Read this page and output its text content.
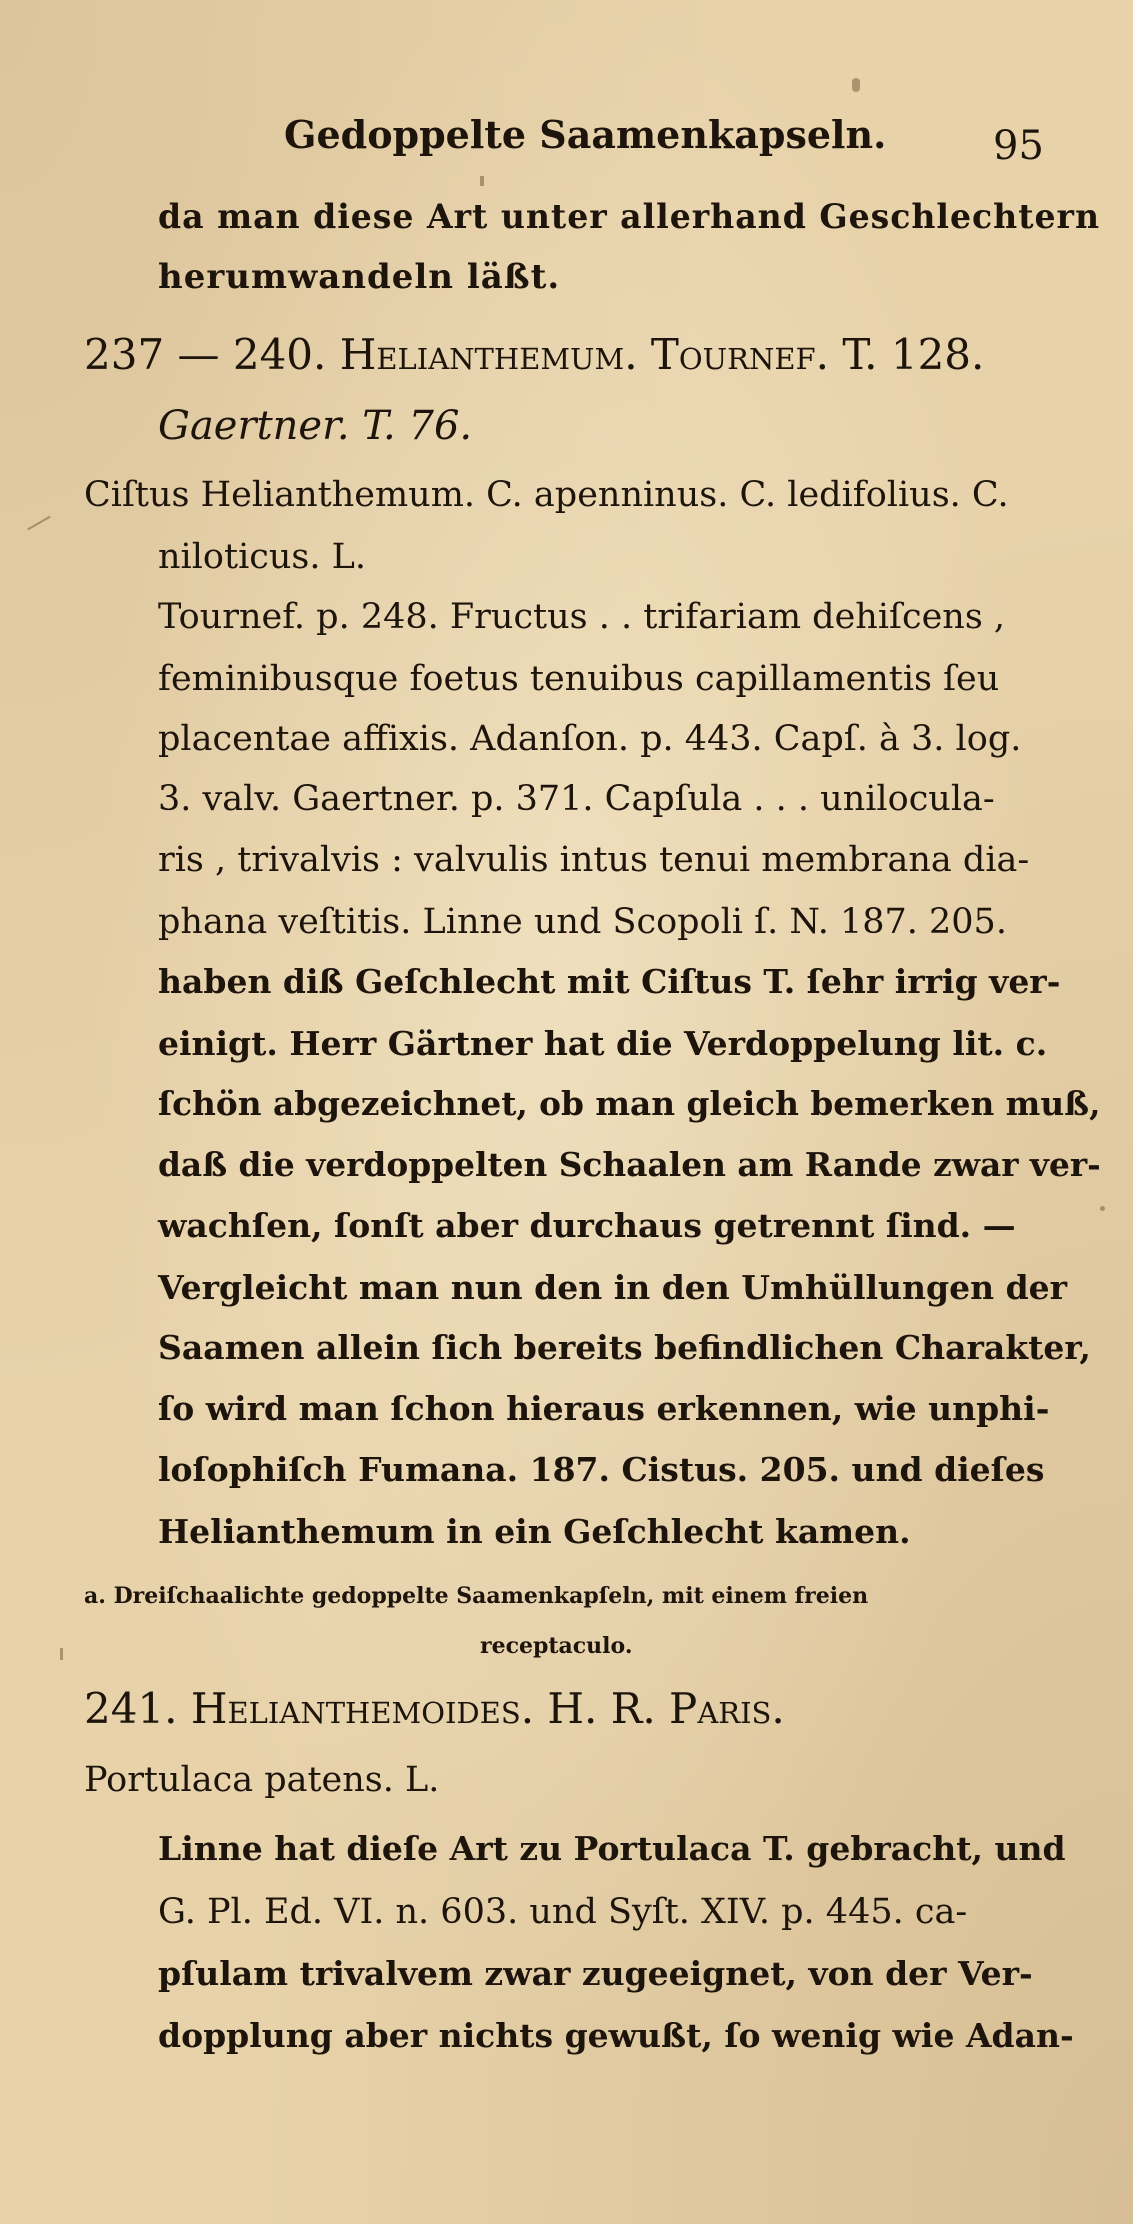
Gedoppelte Saamenkapseln.	95
da man diese Art unter allerhand Geschlechtern
herumwandeln läßt.
237 — 240. Helianthemum. Tournef. T. 128.
Gaertner. T. 76.
Ciſtus Helianthemum. C. apenninus. C. ledifolius. C.
niloticus. L.
Tournef. p. 248. Fructus . . trifariam dehiſcens ,
feminibusque foetus tenuibus capillamentis ſeu
placentae affixis. Adanſon. p. 443. Capſ. à 3. log.
3. valv. Gaertner. p. 371. Capſula . . . unilocula-
ris , trivalvis : valvulis intus tenui membrana dia-
phana veſtitis. Linne und Scopoli ſ. N. 187. 205.
haben diß Geſchlecht mit Ciſtus T. ſehr irrig ver-
einigt. Herr Gärtner hat die Verdoppelung lit. c.
ſchön abgezeichnet, ob man gleich bemerken muß,
daß die verdoppelten Schaalen am Rande zwar ver-
wachſen, ſonſt aber durchaus getrennt ſind. —
Vergleicht man nun den in den Umhüllungen der
Saamen allein ſich bereits befindlichen Charakter,
ſo wird man ſchon hieraus erkennen, wie unphi-
loſophiſch Fumana. 187. Cistus. 205. und dieſes
Helianthemum in ein Geſchlecht kamen.
a. Dreiſchaalichte gedoppelte Saamenkapſeln, mit einem freien
receptaculo.
241. Helianthemoides. H. R. Paris.
Portulaca patens. L.
Linne hat dieſe Art zu Portulaca T. gebracht, und
G. Pl. Ed. VI. n. 603. und Syſt. XIV. p. 445. ca-
pſulam trivalvem zwar zugeeignet, von der Ver-
dopplung aber nichts gewußt, ſo wenig wie Adan-
